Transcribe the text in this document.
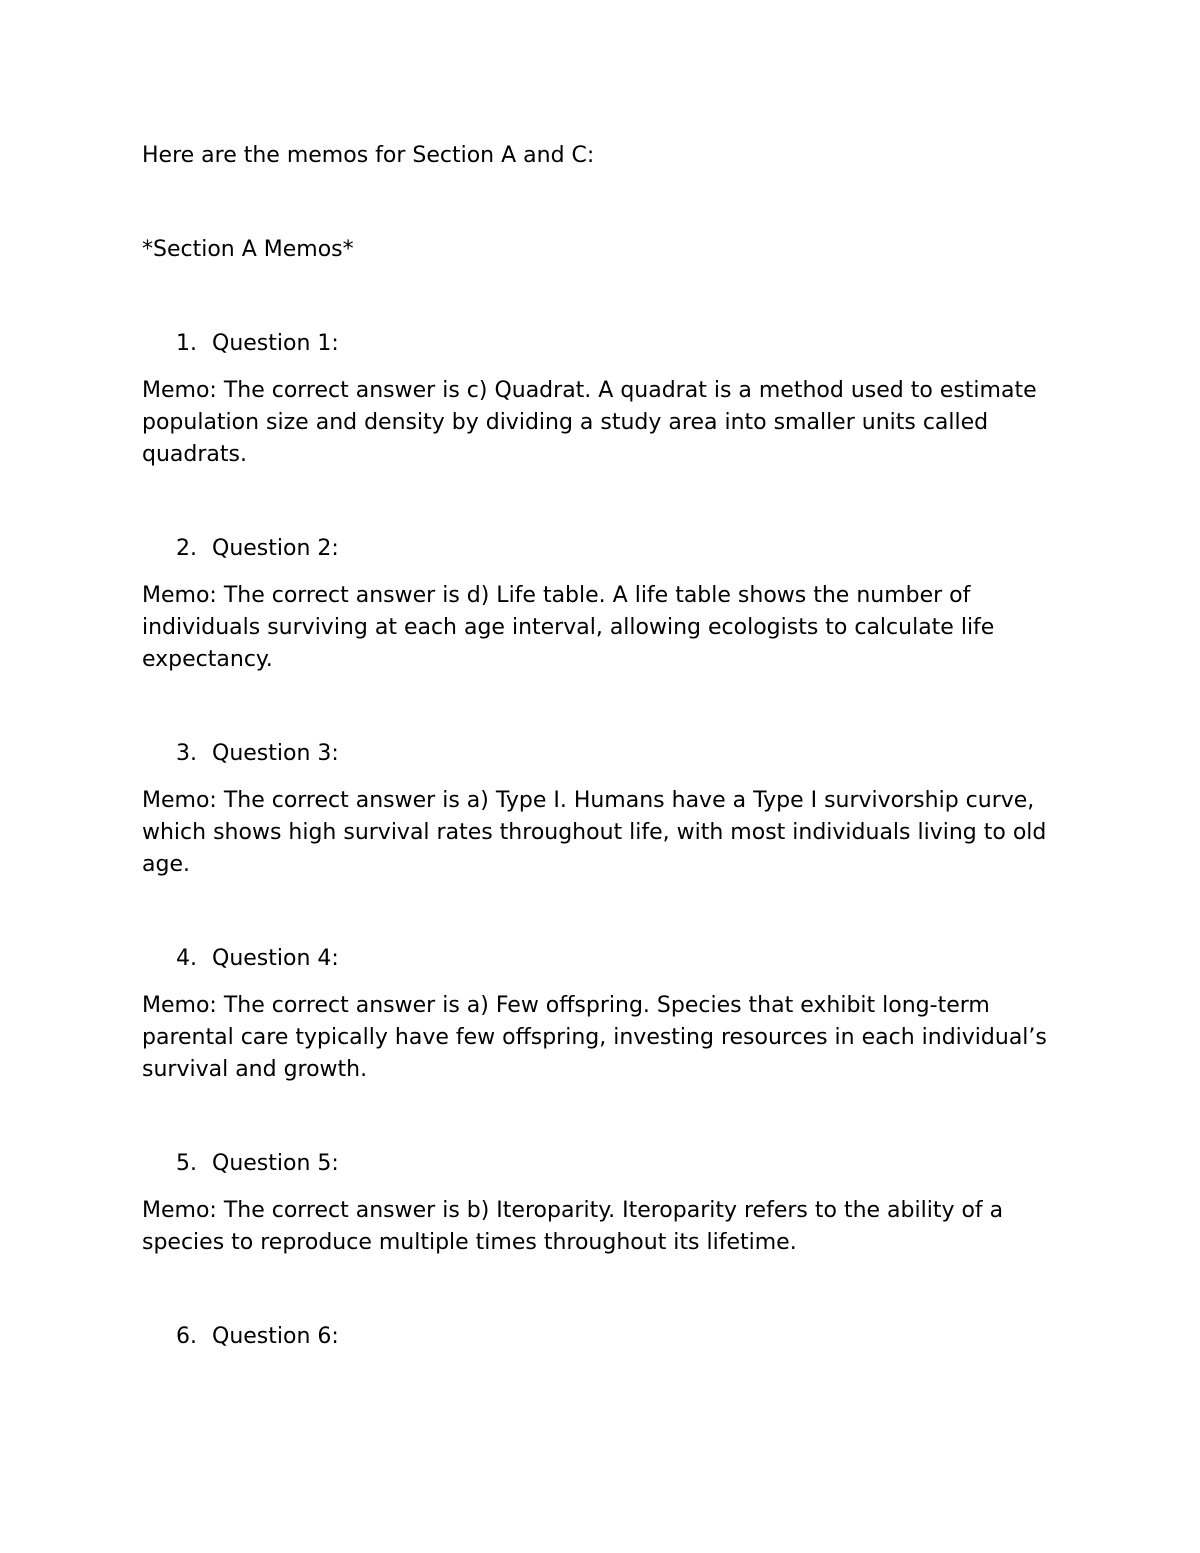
Here are the memos for Section A and C:

*Section A Memos*

1. Question 1:

Memo: The correct answer is c) Quadrat. A quadrat is a method used to estimate population size and density by dividing a study area into smaller units called quadrats.

2. Question 2:

Memo: The correct answer is d) Life table. A life table shows the number of individuals surviving at each age interval, allowing ecologists to calculate life expectancy.

3. Question 3:

Memo: The correct answer is a) Type I. Humans have a Type I survivorship curve, which shows high survival rates throughout life, with most individuals living to old age.

4. Question 4:

Memo: The correct answer is a) Few offspring. Species that exhibit long-term parental care typically have few offspring, investing resources in each individual’s survival and growth.

5. Question 5:

Memo: The correct answer is b) Iteroparity. Iteroparity refers to the ability of a species to reproduce multiple times throughout its lifetime.

6. Question 6:
